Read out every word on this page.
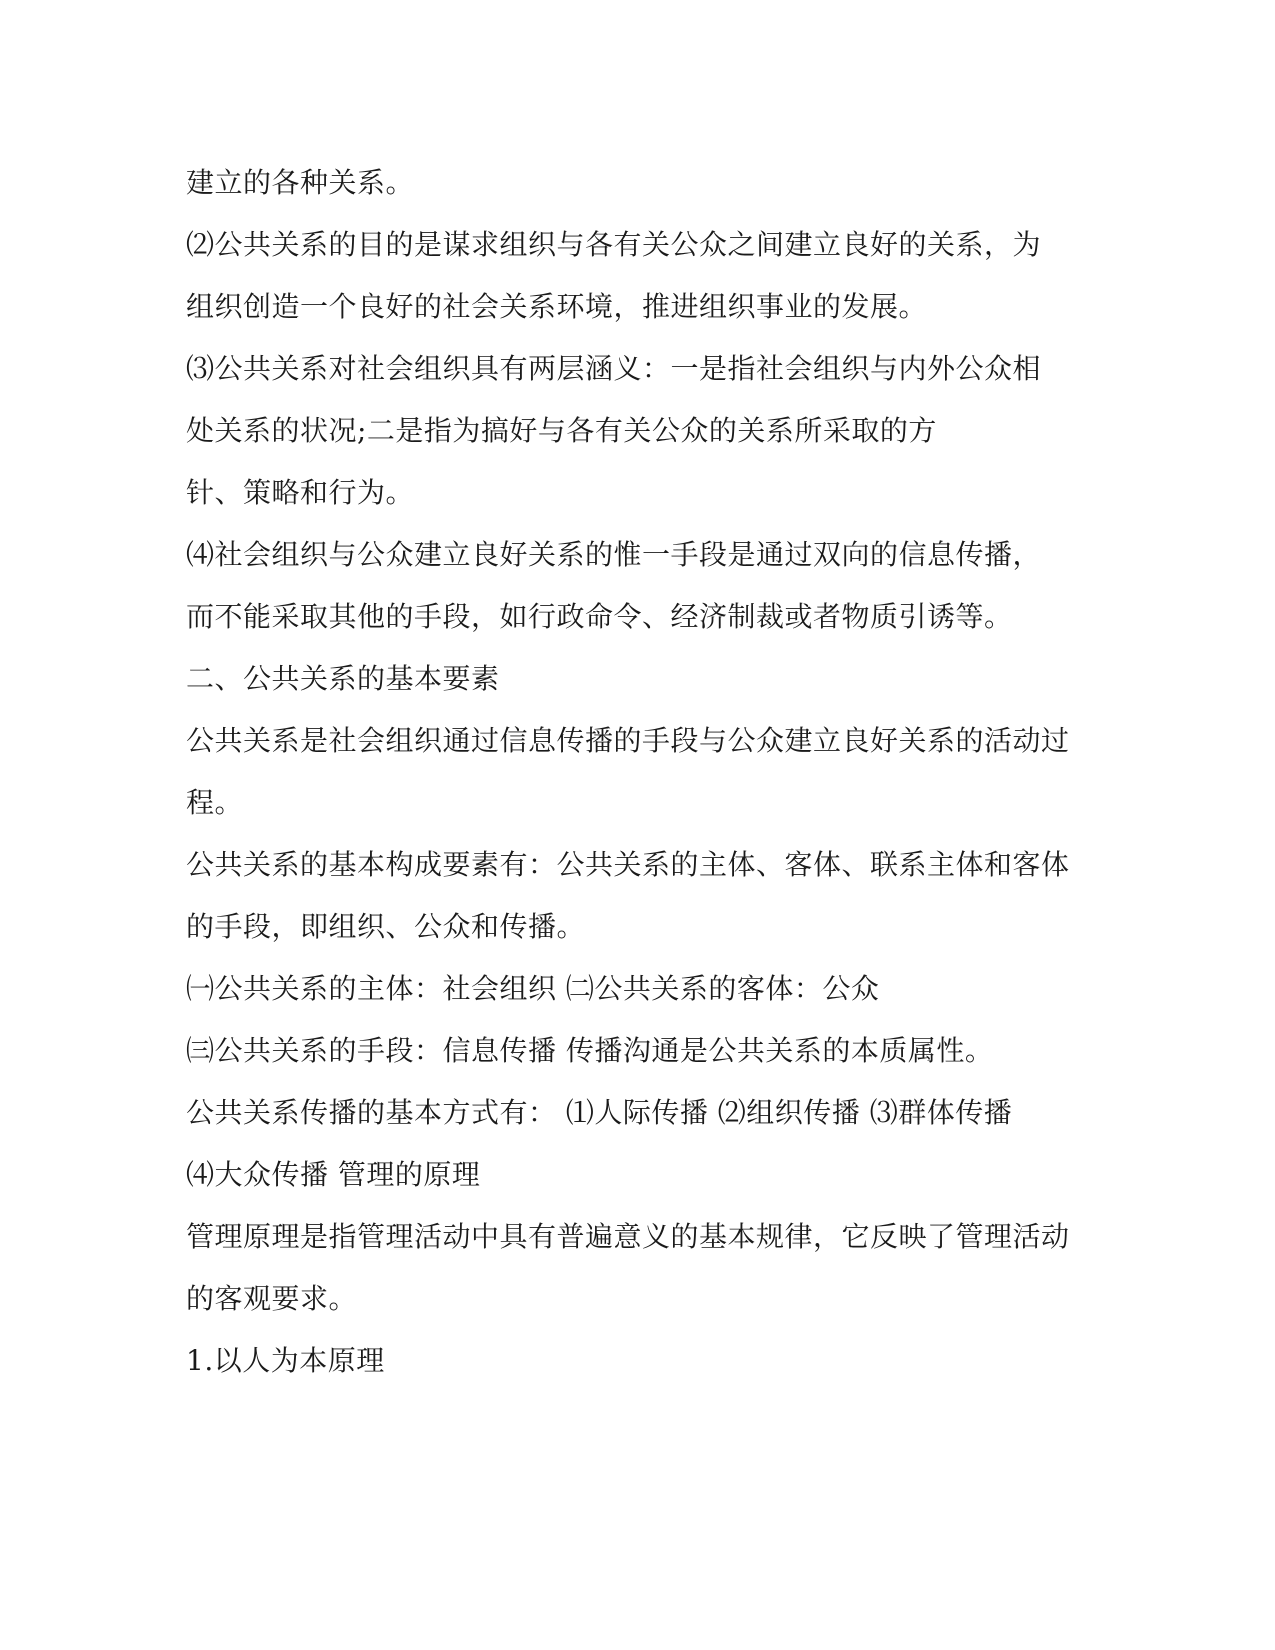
建立的各种关系。
⑵公共关系的目的是谋求组织与各有关公众之间建立良好的关系，为
组织创造一个良好的社会关系环境，推进组织事业的发展。
⑶公共关系对社会组织具有两层涵义：一是指社会组织与内外公众相
处关系的状况;二是指为搞好与各有关公众的关系所采取的方
针、策略和行为。
⑷社会组织与公众建立良好关系的惟一手段是通过双向的信息传播，
而不能采取其他的手段，如行政命令、经济制裁或者物质引诱等。
二、公共关系的基本要素
公共关系是社会组织通过信息传播的手段与公众建立良好关系的活动过
程。
公共关系的基本构成要素有：公共关系的主体、客体、联系主体和客体
的手段，即组织、公众和传播。
㈠公共关系的主体：社会组织 ㈡公共关系的客体：公众
㈢公共关系的手段：信息传播 传播沟通是公共关系的本质属性。
公共关系传播的基本方式有： ⑴人际传播 ⑵组织传播 ⑶群体传播
⑷大众传播 管理的原理
管理原理是指管理活动中具有普遍意义的基本规律，它反映了管理活动
的客观要求。
1.以人为本原理
